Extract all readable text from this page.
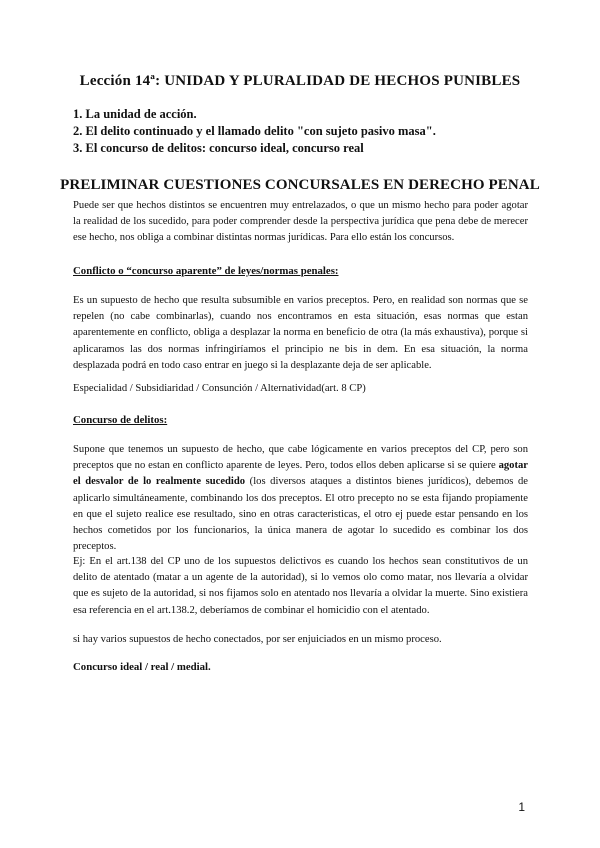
Lección 14ª: UNIDAD Y PLURALIDAD DE HECHOS PUNIBLES
1. La unidad de acción.
2. El delito continuado y el llamado delito "con sujeto pasivo masa".
3. El concurso de delitos: concurso ideal, concurso real
PRELIMINAR CUESTIONES CONCURSALES EN DERECHO PENAL

Puede ser que hechos distintos se encuentren muy entrelazados, o que un mismo hecho para poder agotar la realidad de los sucedido, para poder comprender desde la perspectiva jurídica que pena debe de merecer ese hecho, nos obliga a combinar distintas normas jurídicas. Para ello están los concursos.

Conflicto o “concurso aparente” de leyes/normas penales:

Es un supuesto de hecho que resulta subsumible en varios preceptos. Pero, en realidad son normas que se repelen (no cabe combinarlas), cuando nos encontramos en esta situación, esas normas que estan aparentemente en conflicto, obliga a desplazar la norma en beneficio de otra (la más exhaustiva), porque si aplicaramos las dos normas infringiríamos el principio ne bis in dem. En esa situación, la norma desplazada podrá en todo caso entrar en juego si la desplazante deja de ser aplicable.

Especialidad / Subsidiaridad / Consunción / Alternatividad(art. 8 CP)
Concurso de delitos:

Supone que tenemos un supuesto de hecho, que cabe lógicamente en varios preceptos del CP, pero son preceptos que no estan en conflicto aparente de leyes. Pero, todos ellos deben aplicarse si se quiere agotar el desvalor de lo realmente sucedido (los diversos ataques a distintos bienes jurídicos), debemos de aplicarlo simultáneamente, combinando los dos preceptos. El otro precepto no se esta fijando propiamente en que el sujeto realice ese resultado, sino en otras caracteristicas, el otro ej puede estar pensando en los hechos cometidos por los funcionarios, la única manera de agotar lo sucedido es combinar los dos preceptos.

Ej: En el art.138 del CP uno de los supuestos delictivos es cuando los hechos sean constitutivos de un delito de atentado (matar a un agente de la autoridad), si lo vemos olo como matar, nos llevaría a olvidar que es sujeto de la autoridad, si nos fijamos solo en atentado nos llevaría a olvidar la muerte. Sino existiera esa referencia en el art.138.2, deberíamos de combinar el homicidio con el atentado.

si hay varios supuestos de hecho conectados, por ser enjuiciados en un mismo proceso.
Concurso ideal / real / medial.
1
